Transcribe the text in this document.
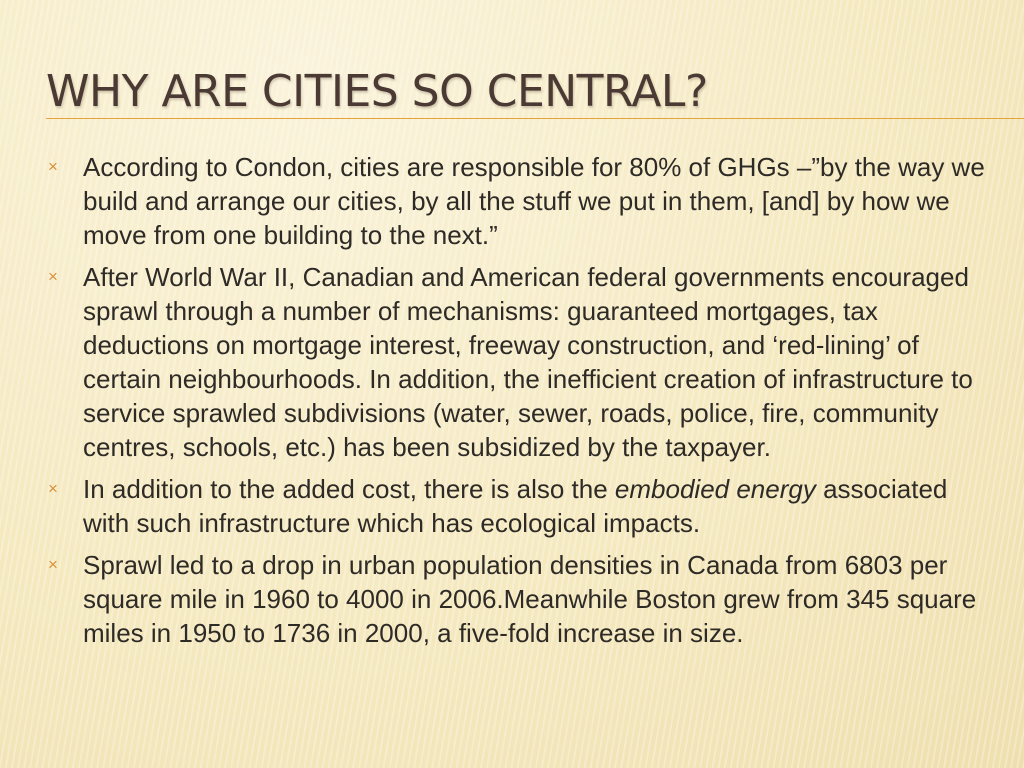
WHY ARE CITIES SO CENTRAL?
× According to Condon, cities are responsible for 80% of GHGs –”by the way we build and arrange our cities, by all the stuff we put in them, [and] by how we move from one building to the next.”
× After World War II, Canadian and American federal governments encouraged sprawl through a number of mechanisms: guaranteed mortgages, tax deductions on mortgage interest, freeway construction, and ‘red-lining’ of certain neighbourhoods. In addition, the inefficient creation of infrastructure to service sprawled subdivisions (water, sewer, roads, police, fire, community centres, schools, etc.) has been subsidized by the taxpayer.
× In addition to the added cost, there is also the embodied energy associated with such infrastructure which has ecological impacts.
× Sprawl led to a drop in urban population densities in Canada from 6803 per square mile in 1960 to 4000 in 2006.Meanwhile Boston grew from 345 square miles in 1950 to 1736 in 2000, a five-fold increase in size.
